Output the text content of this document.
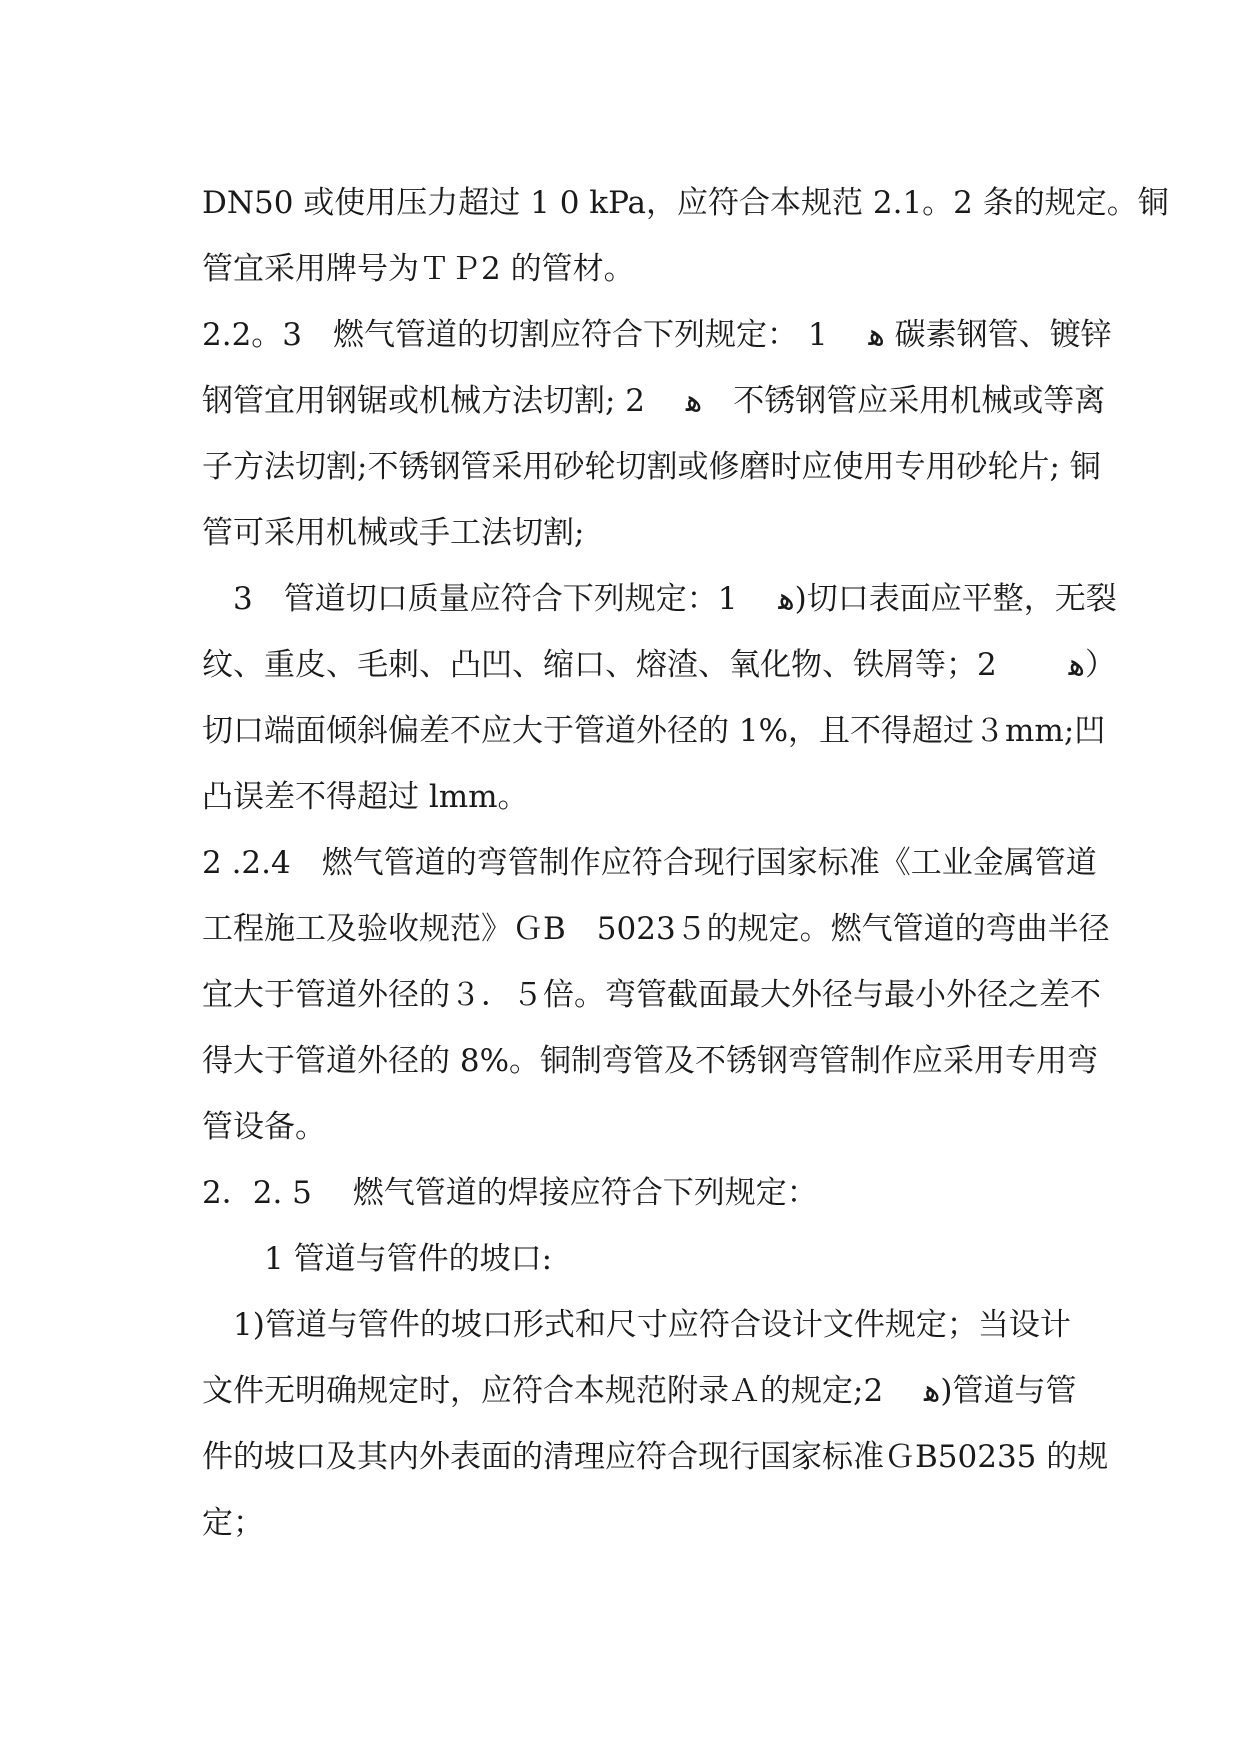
DN50 或使用压力超过 1 0 kPa，应符合本规范 2.1。2 条的规定。铜
管宜采用牌号为ＴＰ2 的管材。
2.2。3　燃气管道的切割应符合下列规定： 1　 ﻫ 碳素钢管、镀锌
钢管宜用钢锯或机械方法切割; 2　 ﻫ　不锈钢管应采用机械或等离
子方法切割;不锈钢管采用砂轮切割或修磨时应使用专用砂轮片; 铜
管可采用机械或手工法切割;
　3　管道切口质量应符合下列规定：1　 ﻫ)切口表面应平整，无裂
纹、重皮、毛刺、凸凹、缩口、熔渣、氧化物、铁屑等；2　　 ﻫ）
切口端面倾斜偏差不应大于管道外径的 1%，且不得超过３mm;凹
凸误差不得超过 lmm。
2 .2.4　燃气管道的弯管制作应符合现行国家标准《工业金属管道
工程施工及验收规范》ＧB　5023５的规定。燃气管道的弯曲半径
宜大于管道外径的３．５倍。弯管截面最大外径与最小外径之差不
得大于管道外径的 8%。铜制弯管及不锈钢弯管制作应采用专用弯
管设备。
2．2. 5　 燃气管道的焊接应符合下列规定：
　　1 管道与管件的坡口:
　1)管道与管件的坡口形式和尺寸应符合设计文件规定；当设计
文件无明确规定时，应符合本规范附录Ａ的规定;2　 ﻫ)管道与管
件的坡口及其内外表面的清理应符合现行国家标准ＧB50235 的规
定；
